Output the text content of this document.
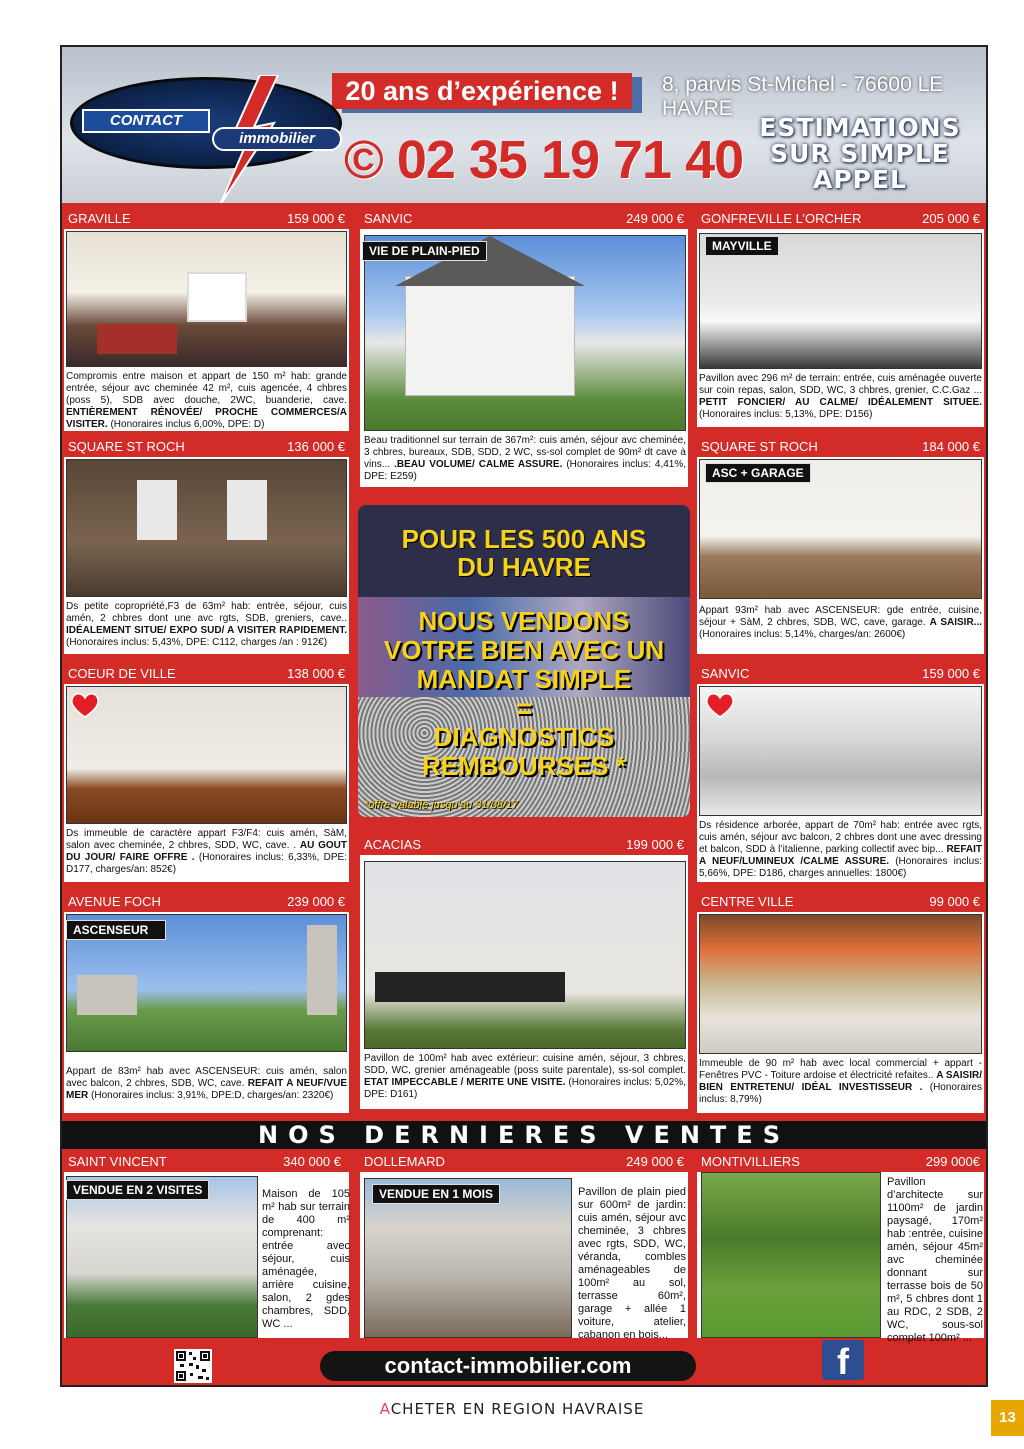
20 ans d’expérience !	8, parvis St-Michel - 76600 LE HAVRE
CONTACT
immobilier © 02 35 19 71 40
ESTIMATIONS
SUR SIMPLE
APPEL
GRAVILLE	159 000 €
Compromis entre maison et appart de 150 m² hab: grande entrée, séjour avc cheminée 42 m², cuis agencée, 4 chbres (poss 5), SDB avec douche, 2WC, buanderie, cave. ENTIÈREMENT RÉNOVÉE/ PROCHE COMMERCES/A VISITER. (Honoraires inclus 6,00%, DPE: D)
SQUARE ST ROCH	136 000 €
Ds petite copropriété,F3 de 63m² hab: entrée, séjour, cuis amén, 2 chbres dont une avc rgts, SDB, greniers, cave.. IDÉALEMENT SITUE/ EXPO SUD/ A VISITER RAPIDEMENT. (Honoraires inclus: 5,43%, DPE: C112, charges /an : 912€)
COEUR DE VILLE	138 000 €
Ds immeuble de caractère appart F3/F4: cuis amén, SàM, salon avec cheminée, 2 chbres, SDD, WC, cave. . AU GOUT DU JOUR/ FAIRE OFFRE . (Honoraires inclus: 6,33%, DPE: D177, charges/an: 852€)
AVENUE FOCH	239 000 €
ASCENSEUR
Appart de 83m² hab avec ASCENSEUR: cuis amén, salon avec balcon, 2 chbres, SDB, WC, cave. REFAIT A NEUF/VUE MER (Honoraires inclus: 3,91%, DPE:D, charges/an: 2320€)
SANVIC	249 000 €
VIE DE PLAIN-PIED
Beau traditionnel sur terrain de 367m²: cuis amén, séjour avc cheminée, 3 chbres, bureaux, SDB, SDD, 2 WC, ss-sol complet de 90m² dt cave à vins... .BEAU VOLUME/ CALME ASSURE. (Honoraires inclus: 4,41%, DPE: E259)
POUR LES 500 ANS
DU HAVRE
NOUS VENDONS
VOTRE BIEN AVEC UN
MANDAT SIMPLE
=
DIAGNOSTICS
REMBOURSES *
*offre valable jusqu’au 31/08/17
ACACIAS	199 000 €
Pavillon de 100m² hab avec extérieur: cuisine amén, séjour, 3 chbres, SDD, WC, grenier aménageable (poss suite parentale), ss-sol complet. ETAT IMPECCABLE / MERITE UNE VISITE. (Honoraires inclus: 5,02%, DPE: D161)
GONFREVILLE L’ORCHER	205 000 €
MAYVILLE
Pavillon avec 296 m² de terrain: entrée, cuis aménagée ouverte sur coin repas, salon, SDD, WC, 3 chbres, grenier, C.C.Gaz ... PETIT FONCIER/ AU CALME/ IDÉALEMENT SITUEE. (Honoraires inclus: 5,13%, DPE: D156)
SQUARE ST ROCH	184 000 €
ASC + GARAGE
Appart 93m² hab avec ASCENSEUR: gde entrée, cuisine, séjour + SàM, 2 chbres, SDB, WC, cave, garage. A SAISIR... (Honoraires inclus: 5,14%, charges/an: 2600€)
SANVIC	159 000 €
Ds résidence arborée, appart de 70m² hab: entrée avec rgts, cuis amén, séjour avc balcon, 2 chbres dont une avec dressing et balcon, SDD à l’italienne, parking collectif avec bip... REFAIT A NEUF/LUMINEUX /CALME ASSURE. (Honoraires inclus: 5,66%, DPE: D186, charges annuelles: 1800€)
CENTRE VILLE	99 000 €
Immeuble de 90 m² hab avec local commercial + appart - Fenêtres PVC - Toiture ardoise et électricité refaites.. A SAISIR/ BIEN ENTRETENU/ IDÉAL INVESTISSEUR . (Honoraires inclus: 8,79%)
NOS DERNIERES VENTES
SAINT VINCENT	340 000 €
VENDUE EN 2 VISITES	Maison de 105 m² hab sur terrain de 400 m² comprenant: entrée avec séjour, cuis aménagée, arrière cuisine, salon, 2 gdes chambres, SDD, WC ...
DOLLEMARD	249 000 €
VENDUE EN 1 MOIS	Pavillon de plain pied sur 600m² de jardin: cuis amén, séjour avc cheminée, 3 chbres avec rgts, SDD, WC, véranda, combles aménageables de 100m² au sol, terrasse 60m², garage + allée 1 voiture, atelier, cabanon en bois...
MONTIVILLIERS	299 000€
Pavillon d’architecte sur 1100m² de jardin paysagé, 170m² hab :entrée, cuisine amén, séjour 45m² avc cheminée donnant sur terrasse bois de 50 m², 5 chbres dont 1 au RDC, 2 SDB, 2 WC, sous-sol complet 100m² ...
contact-immobilier.com	f
ACHETER EN REGION HAVRAISE	13
